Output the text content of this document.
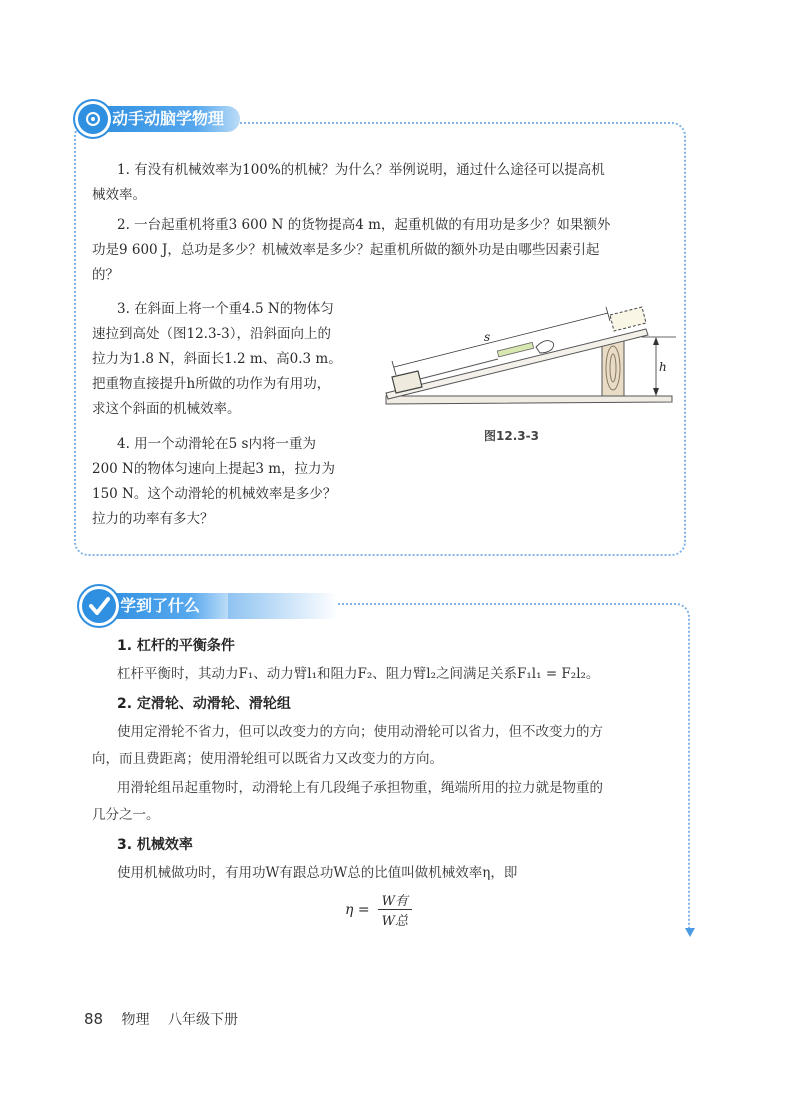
动手动脑学物理

1. 有没有机械效率为100%的机械？为什么？举例说明，通过什么途径可以提高机

械效率。

2. 一台起重机将重3 600 N 的货物提高4 m，起重机做的有用功是多少？如果额外

功是9 600 J，总功是多少？机械效率是多少？起重机所做的额外功是由哪些因素引起

的？

3. 在斜面上将一个重4.5 N的物体匀

速拉到高处（图12.3-3），沿斜面向上的

拉力为1.8 N，斜面长1.2 m、高0.3 m。

把重物直接提升h所做的功作为有用功，

求这个斜面的机械效率。

4. 用一个动滑轮在5 s内将一重为

200 N的物体匀速向上提起3 m，拉力为

150 N。这个动滑轮的机械效率是多少？

拉力的功率有多大？

s
h

图12.3-3

学到了什么

1. 杠杆的平衡条件

杠杆平衡时，其动力F₁、动力臂l₁和阻力F₂、阻力臂l₂之间满足关系F₁l₁ = F₂l₂。

2. 定滑轮、动滑轮、滑轮组

使用定滑轮不省力，但可以改变力的方向；使用动滑轮可以省力，但不改变力的方

向，而且费距离；使用滑轮组可以既省力又改变力的方向。

用滑轮组吊起重物时，动滑轮上有几段绳子承担物重，绳端所用的拉力就是物重的

几分之一。

3. 机械效率

使用机械做功时，有用功W有跟总功W总的比值叫做机械效率η，即

η = W有
W总
88 物理 八年级下册
